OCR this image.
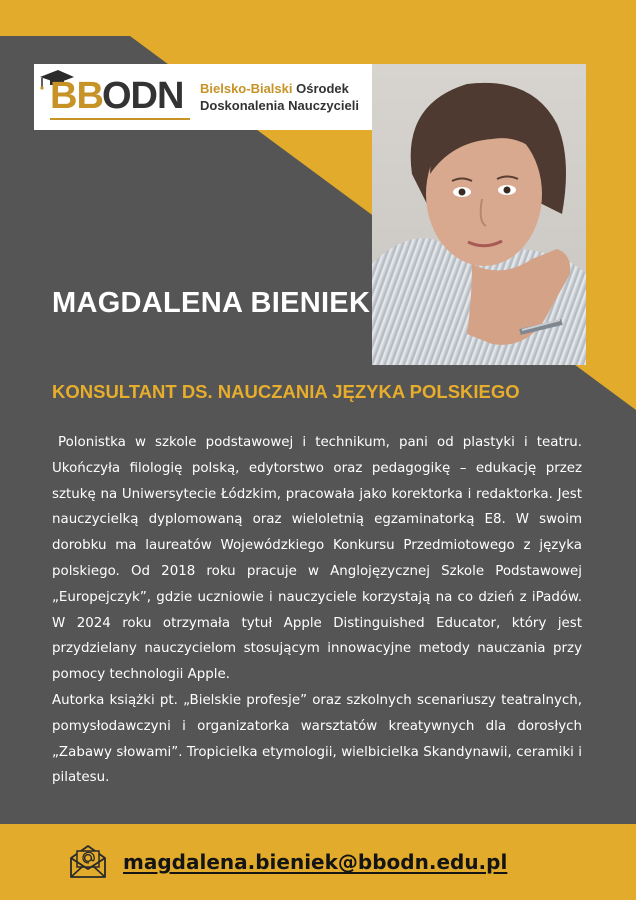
BB ODN Bielsko-Bialski Ośrodek
Doskonalenia Nauczycieli
MAGDALENA BIENIEK
KONSULTANT DS. NAUCZANIA JĘZYKA POLSKIEGO

Polonistka w szkole podstawowej i technikum, pani od plastyki i teatru. Ukończyła filologię polską, edytorstwo oraz pedagogikę – edukację przez sztukę na Uniwersytecie Łódzkim, pracowała jako korektorka i redaktorka. Jest nauczycielką dyplomowaną oraz wieloletnią egzaminatorką E8. W swoim dorobku ma laureatów Wojewódzkiego Konkursu Przedmiotowego z języka polskiego. Od 2018 roku pracuje w Anglojęzycznej Szkole Podstawowej „Europejczyk”, gdzie uczniowie i nauczyciele korzystają na co dzień z iPadów. W 2024 roku otrzymała tytuł Apple Distinguished Educator, który jest przydzielany nauczycielom stosującym innowacyjne metody nauczania przy pomocy technologii Apple.

Autorka książki pt. „Bielskie profesje” oraz szkolnych scenariuszy teatralnych, pomysłodawczyni i organizatorka warsztatów kreatywnych dla dorosłych „Zabawy słowami”. Tropicielka etymologii, wielbicielka Skandynawii, ceramiki i pilatesu.

magdalena.bieniek@bbodn.edu.pl
